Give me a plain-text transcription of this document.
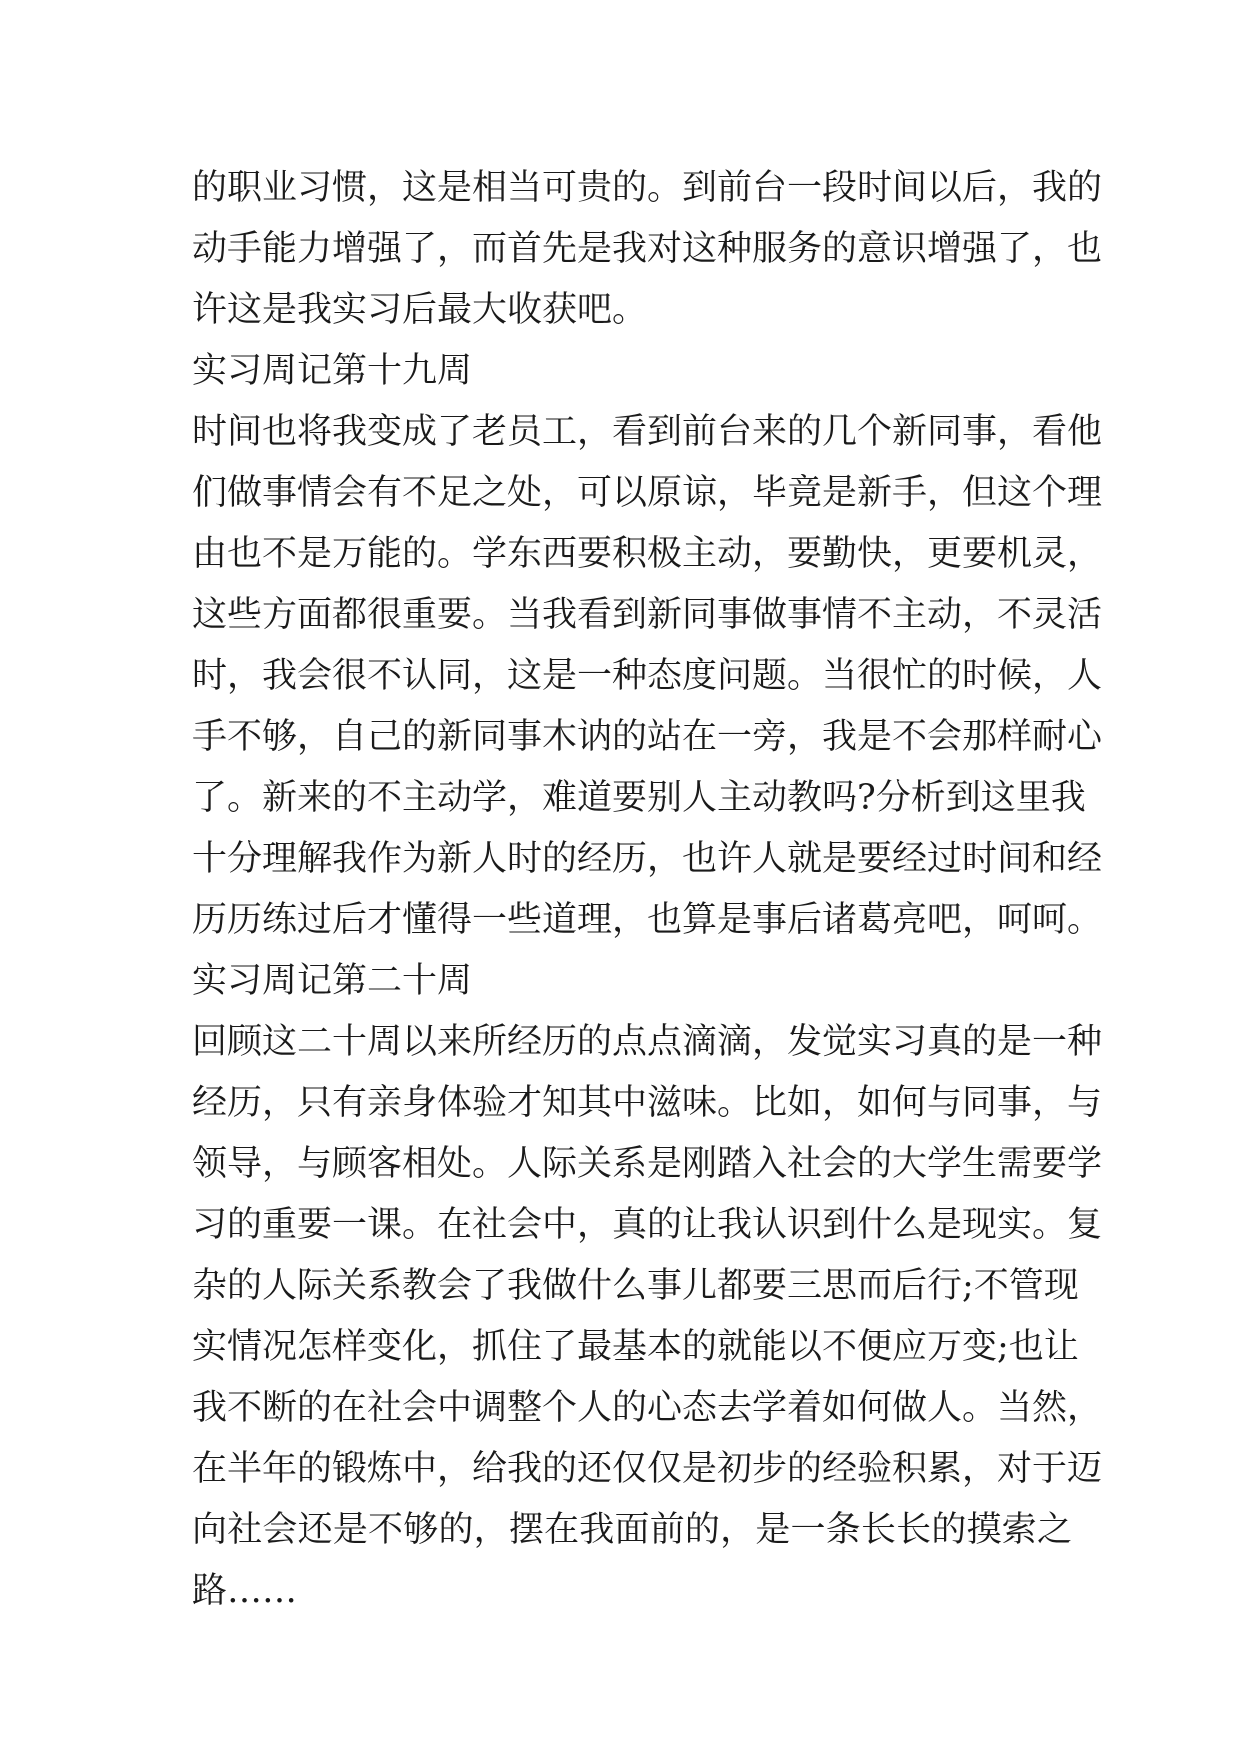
的职业习惯，这是相当可贵的。到前台一段时间以后，我的
动手能力增强了，而首先是我对这种服务的意识增强了，也
许这是我实习后最大收获吧。
实习周记第十九周
时间也将我变成了老员工，看到前台来的几个新同事，看他
们做事情会有不足之处，可以原谅，毕竟是新手，但这个理
由也不是万能的。学东西要积极主动，要勤快，更要机灵，
这些方面都很重要。当我看到新同事做事情不主动，不灵活
时，我会很不认同，这是一种态度问题。当很忙的时候，人
手不够，自己的新同事木讷的站在一旁，我是不会那样耐心
了。新来的不主动学，难道要别人主动教吗?分析到这里我
十分理解我作为新人时的经历，也许人就是要经过时间和经
历历练过后才懂得一些道理，也算是事后诸葛亮吧，呵呵。
实习周记第二十周
回顾这二十周以来所经历的点点滴滴，发觉实习真的是一种
经历，只有亲身体验才知其中滋味。比如，如何与同事，与
领导，与顾客相处。人际关系是刚踏入社会的大学生需要学
习的重要一课。在社会中，真的让我认识到什么是现实。复
杂的人际关系教会了我做什么事儿都要三思而后行;不管现
实情况怎样变化，抓住了最基本的就能以不便应万变;也让
我不断的在社会中调整个人的心态去学着如何做人。当然，
在半年的锻炼中，给我的还仅仅是初步的经验积累，对于迈
向社会还是不够的，摆在我面前的，是一条长长的摸索之
路……
